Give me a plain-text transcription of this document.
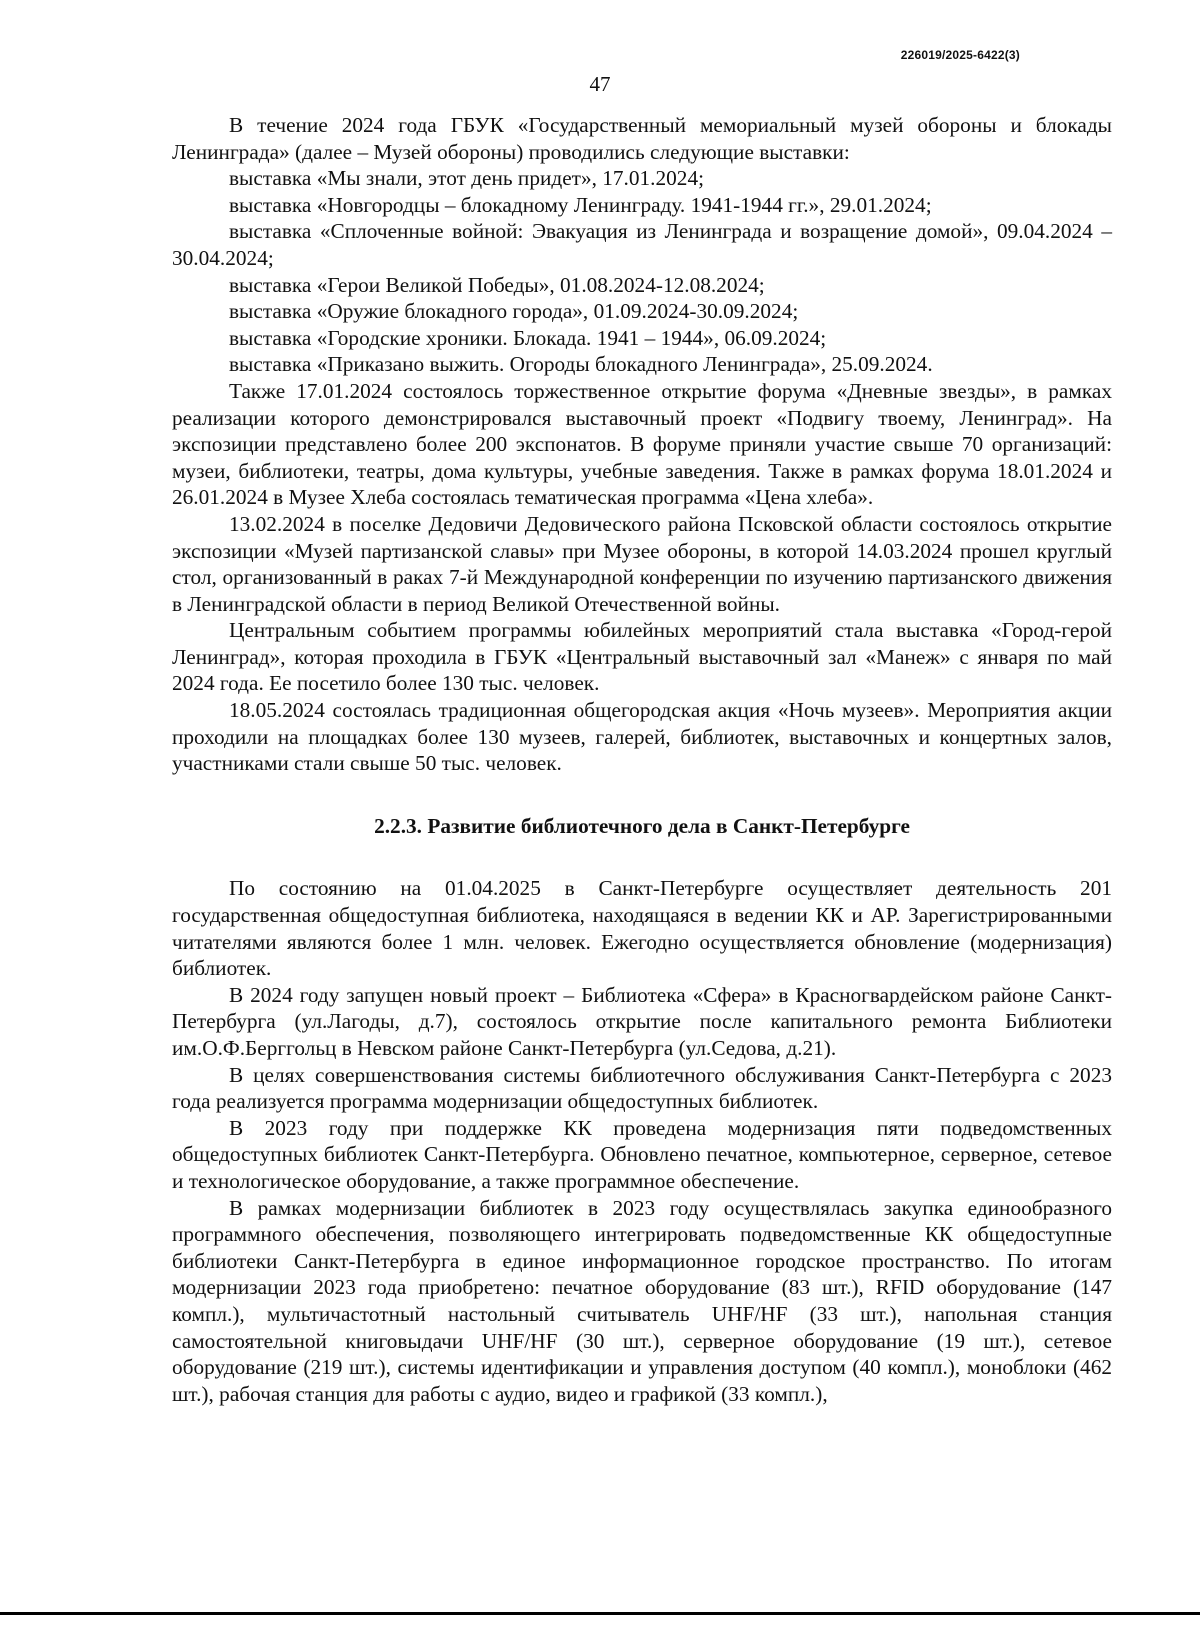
226019/2025-6422(3)
47

В течение 2024 года ГБУК «Государственный мемориальный музей обороны и блокады Ленинграда» (далее – Музей обороны) проводились следующие выставки:

выставка «Мы знали, этот день придет», 17.01.2024;

выставка «Новгородцы – блокадному Ленинграду. 1941-1944 гг.», 29.01.2024;

выставка «Сплоченные войной: Эвакуация из Ленинграда и возращение домой», 09.04.2024 – 30.04.2024;

выставка «Герои Великой Победы», 01.08.2024-12.08.2024;

выставка «Оружие блокадного города», 01.09.2024-30.09.2024;

выставка «Городские хроники. Блокада. 1941 – 1944», 06.09.2024;

выставка «Приказано выжить. Огороды блокадного Ленинграда», 25.09.2024.

Также 17.01.2024 состоялось торжественное открытие форума «Дневные звезды», в рамках реализации которого демонстрировался выставочный проект «Подвигу твоему, Ленинград». На экспозиции представлено более 200 экспонатов. В форуме приняли участие свыше 70 организаций: музеи, библиотеки, театры, дома культуры, учебные заведения. Также в рамках форума 18.01.2024 и 26.01.2024 в Музее Хлеба состоялась тематическая программа «Цена хлеба».

13.02.2024 в поселке Дедовичи Дедовического района Псковской области состоялось открытие экспозиции «Музей партизанской славы» при Музее обороны, в которой 14.03.2024 прошел круглый стол, организованный в раках 7-й Международной конференции по изучению партизанского движения в Ленинградской области в период Великой Отечественной войны.

Центральным событием программы юбилейных мероприятий стала выставка «Город-герой Ленинград», которая проходила в ГБУК «Центральный выставочный зал «Манеж» с января по май 2024 года. Ее посетило более 130 тыс. человек.

18.05.2024 состоялась традиционная общегородская акция «Ночь музеев». Мероприятия акции проходили на площадках более 130 музеев, галерей, библиотек, выставочных и концертных залов, участниками стали свыше 50 тыс. человек.

2.2.3. Развитие библиотечного дела в Санкт-Петербурге

По состоянию на 01.04.2025 в Санкт-Петербурге осуществляет деятельность 201 государственная общедоступная библиотека, находящаяся в ведении КК и АР. Зарегистрированными читателями являются более 1 млн. человек. Ежегодно осуществляется обновление (модернизация) библиотек.

В 2024 году запущен новый проект – Библиотека «Сфера» в Красногвардейском районе Санкт-Петербурга (ул.Лагоды, д.7), состоялось открытие после капитального ремонта Библиотеки им.О.Ф.Берггольц в Невском районе Санкт-Петербурга (ул.Седова, д.21).

В целях совершенствования системы библиотечного обслуживания Санкт-Петербурга с 2023 года реализуется программа модернизации общедоступных библиотек.

В 2023 году при поддержке КК проведена модернизация пяти подведомственных общедоступных библиотек Санкт-Петербурга. Обновлено печатное, компьютерное, серверное, сетевое и технологическое оборудование, а также программное обеспечение.

В рамках модернизации библиотек в 2023 году осуществлялась закупка единообразного программного обеспечения, позволяющего интегрировать подведомственные КК общедоступные библиотеки Санкт-Петербурга в единое информационное городское пространство. По итогам модернизации 2023 года приобретено: печатное оборудование (83 шт.), RFID оборудование (147 компл.), мультичастотный настольный считыватель UHF/HF (33 шт.), напольная станция самостоятельной книговыдачи UHF/HF (30 шт.), серверное оборудование (19 шт.), сетевое оборудование (219 шт.), системы идентификации и управления доступом (40 компл.), моноблоки (462 шт.), рабочая станция для работы с аудио, видео и графикой (33 компл.),
